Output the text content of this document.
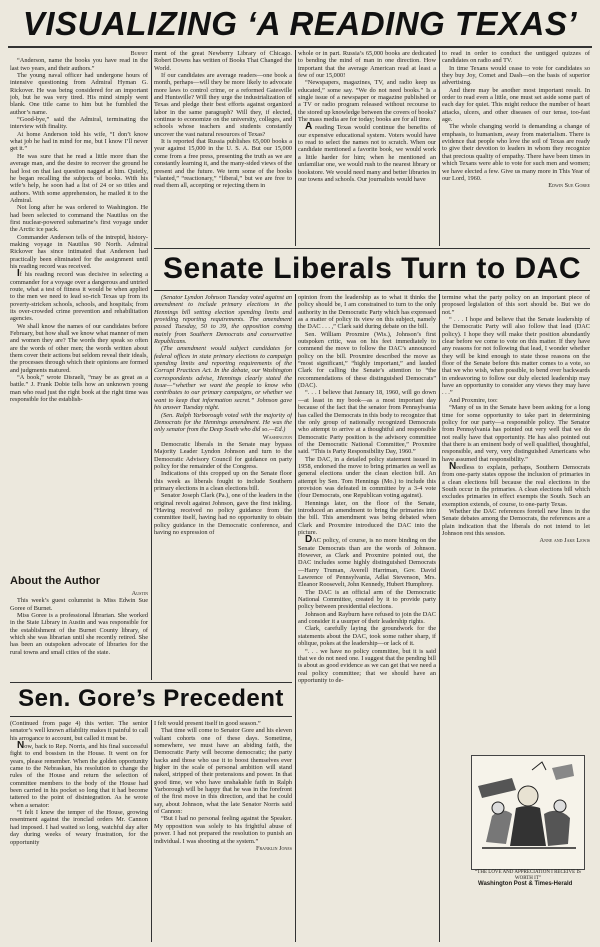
VISUALIZING ‘A READING TEXAS’

Burnet

“Anderson, name the books you have read in the last two years, and their authors.”

The young naval officer had undergone hours of intensive questioning from Admiral Hyman G. Rickover. He was being considered for an important job, but he was very tired. His mind simply went blank. One title came to him but he fumbled the author’s name.

“Good-bye,” said the Admiral, terminating the interview with finality.

At home Anderson told his wife, “I don’t know what job he had in mind for me, but I know I’ll never get it.”

He was sure that he read a little more than the average man, and the desire to recover the ground he had lost on that last question nagged at him. Quietly, he began recalling the subjects of books. With his wife’s help, he soon had a list of 24 or so titles and authors. With some apprehension, he mailed it to the Admiral.

Not long after he was ordered to Washington. He had been selected to command the Nautilus on the first nuclear-powered submarine’s first voyage under the Arctic ice pack.

Commander Anderson tells of the intrepid, history-making voyage in Nautilus 90 North. Admiral Rickover has since intimated that Anderson had practically been eliminated for the assignment until his reading record was received.

If his reading record was decisive in selecting a commander for a voyage over a dangerous and untried route, what a test of fitness it would be when applied to the men we need to lead so-rich Texas up from its poverty-stricken schools, schools, and hospitals; from its over-crowded crime prevention and rehabilitation agencies.

We shall know the names of our candidates before February, but how shall we know what manner of men and women they are? The words they speak so often are the words of other men; the words written about them cover their actions but seldom reveal their ideals, the processes through which their opinions are formed and judgments matured.

“A book,” wrote Disraeli, “may be as great as a battle.” J. Frank Dobie tells how an unknown young man who read just the right book at the right time was responsible for the establish-

ment of the great Newberry Library of Chicago. Robert Downs has written of Books That Changed the World.

If our candidates are average readers—one book a month, perhaps—will they be more likely to advocate more laws to control crime, or a reformed Gatesville and Huntsville? Will they urge the industrialization of Texas and pledge their best efforts against organized labor in the same paragraph? Will they, if elected, continue to economize on the university, colleges, and schools whose teachers and students constantly uncover the vast natural resources of Texas?

It is reported that Russia publishes 65,000 books a year against 15,000 in the U. S. A. But our 15,000 come from a free press, presenting the truth as we are constantly learning it, and the many-sided views of the present and the future. We term some of the books “slanted,” “reactionary,” “liberal,” but we are free to read them all, accepting or rejecting them in

whole or in part. Russia’s 65,000 books are dedicated to bending the mind of man in one direction. How important that the average American read at least a few of our 15,000!

“Newspapers, magazines, TV, and radio keep us educated,” some say. “We do not need books.” Is a single issue of a newspaper or magazine published or a TV or radio program released without recourse to the stored up knowledge between the covers of books? The mass media are for today; books are for all time.

A reading Texas would continue the benefits of our expensive educational system. Voters would have to read to select the names not to scratch. When our candidate mentioned a favorite book, we would work a little harder for him; when he mentioned an unfamiliar one, we would rush to the nearest library or bookstore. We would need many and better libraries in our towns and schools. Our journalists would have

to read in order to conduct the untigged quizzes of candidates on radio and TV.

In time Texans would cease to vote for candidates so they buy Joy, Comet and Dash—on the basis of superior advertising.

And there may be another most important result. In order to read even a little, one must set aside some part of each day for quiet. This might reduce the number of heart attacks, ulcers, and other diseases of our tense, too-fast age.

The whole changing world is demanding a change of emphasis, to humanism, away from materialism. There is evidence that people who love the soil of Texas are ready to give their devotion to leaders in whom they recognize that precious quality of empathy. There have been times in which Texans were able to vote for such men and women; we have elected a few. Give us many more in This Year of our Lord, 1960.

Edwin Sue Goree

About the Author

Austin

This week’s guest columnist is Miss Edwin Sue Goree of Burnet.

Miss Goree is a professional librarian. She worked in the State Library in Austin and was responsible for the establishment of the Burnet County library, of which she was librarian until she recently retired. She has been an outspoken advocate of libraries for the rural towns and small cities of the state.

Senate Liberals Turn to DAC

(Senator Lyndon Johnson Tuesday voted against an amendment to include primary elections in the Hennings bill setting election spending limits and providing reporting requirements. The amendment passed Tuesday, 50 to 39, the opposition coming mainly from Southern Democrats and conservative Republicans.

(The amendment would subject candidates for federal offices in state primary elections to campaign spending limits and reporting requirements of the Corrupt Practices Act. In the debate, our Washington correspondents advise, Hennings clearly stated the issue—“whether we want the people to know who contributes to our primary campaigns, or whether we want to keep that information secret.” Johnson gave his answer Tuesday night.

(Sen. Ralph Yarborough voted with the majority of Democrats for the Hennings amendment. He was the only senator from the Deep South who did so.—Ed.)

Washington

Democratic liberals in the Senate may bypass Majority Leader Lyndon Johnson and turn to the Democratic Advisory Council for guidance on party policy for the remainder of the Congress.

Indications of this cropped up on the Senate floor this week as liberals fought to include Southern primary elections in a clean elections bill.

Senator Joseph Clark (Pa.), one of the leaders in the original revolt against Johnson, gave the first inkling. “Having received no policy guidance from the committee itself, having had no opportunity to obtain policy guidance in the Democratic conference, and having no expression of

opinion from the leadership as to what it thinks the policy should be, I am constrained to turn to the only authority in the Democratic Party which has expressed as a matter of policy its view on this subject, namely the DAC . . . ,” Clark said during debate on the bill.

Sen. William Proxmire (Wis.), Johnson’s first outspoken critic, was on his feet immediately to commend the move to follow the DAC’s announced policy on the bill. Proxmire described the move as “most significant,” “highly important,” and lauded Clark for calling the Senate’s attention to “the recommendations of these distinguished Democrats” (DAC).

“. . . I believe that January 18, 1960, will go down—at least in my book—as a most important day because of the fact that the senator from Pennsylvania has called the Democrats in this body to recognize that the only group of nationally recognized Democrats who attempt to arrive at a thoughtful and responsible Democratic Party position is the advisory committee of the Democratic National Committee,” Proxmire said. “This is Party Responsibility Day, 1960.”

The DAC, in a detailed policy statement issued in 1958, endorsed the move to bring primaries as well as general elections under the clean election bill. An attempt by Sen. Tom Hennings (Mo.) to include this provision was defeated in committee by a 3-4 vote (four Democrats, one Republican voting against).

Hennings later, on the floor of the Senate, introduced an amendment to bring the primaries into the bill. This amendment was being debated when Clark and Proxmire introduced the DAC into the picture.

DAC policy, of course, is no more binding on the Senate Democrats than are the words of Johnson. However, as Clark and Proxmire pointed out, the DAC includes some highly distinguished Democrats—Harry Truman, Averell Harriman, Gov. David Lawrence of Pennsylvania, Adlai Stevenson, Mrs. Eleanor Roosevelt, John Kennedy, Hubert Humphrey.

The DAC is an official arm of the Democratic National Committee, created by it to provide party policy between presidential elections.

Johnson and Rayburn have refused to join the DAC and consider it a usurper of their leadership rights.

Clark, carefully laying the groundwork for the statements about the DAC, took some rather sharp, if oblique, pokes at the leadership—or lack of it.

“. . . we have no policy committee, but it is said that we do not need one. I suggest that the pending bill is about as good evidence as we can get that we need a real policy committee; that we should have an opportunity to de-

termine what the party policy on an important piece of proposed legislation of this sort should be. But we do not.”

“ . . . I hope and believe that the Senate leadership of the Democratic Party will also follow that lead (DAC policy). I hope they will make their position abundantly clear before we come to vote on this matter. If they have any reasons for not following that lead, I wonder whether they will be kind enough to state those reasons on the floor of the Senate before this matter comes to a vote, so that we who wish, when possible, to bend over backwards in endeavoring to follow our duly elected leadership may have an opportunity to consider any views they may have . . .”

And Proxmire, too:

“Many of us in the Senate have been asking for a long time for some opportunity to take part in determining policy for our party—a responsible policy. The Senator from Pennsylvania has pointed out very well that we do not really have that opportunity. He has also pointed out that there is an eminent body of well qualified, thoughtful, responsible, and very, very distinguished Americans who have assumed that responsibility.”

Needless to explain, perhaps, Southern Democrats from one-party states oppose the inclusion of primaries in a clean elections bill because the real elections in the South occur in the primaries. A clean elections bill which excludes primaries in effect exempts the South. Such an exemption extends, of course, to one-party Texas.

Whether the DAC references foretell new lines in the Senate debates among the Democrats, the references are a plain indication that the liberals do not intend to let Johnson rest this session.

Anne and Jake Lewis

Sen. Gore’s Precedent

(Continued from page 4) this writer. The senior senator’s well known affability makes it painful to call his arrogance to account, but called it must be.

Now, back to Rep. Norris, and his final successful fight to end bossism in the House. It went on for years, please remember. When the golden opportunity came to the Nebraskan, his resolution to change the rules of the House and return the selection of committee members to the body of the House had been carried in his pocket so long that it had become tattered to the point of disintegration. As he wrote when a senator:

“I felt I knew the temper of the House, growing resentment against the ironclad orders Mr. Cannon had imposed. I had waited so long, watchful day after day during weeks of weary frustration, for the opportunity

I felt would present itself in good season.”

That time will come to Senator Gore and his eleven valiant cohorts one of these days. Sometime, somewhere, we must have an abiding faith, the Democratic Party will become democratic; the party hacks and those who use it to boost themselves ever higher in the scale of personal ambition will stand naked, stripped of their pretensions and power. In that good time, we who have unshakable faith in Ralph Yarborough will be happy that he was in the forefront of the first move in this direction, and that he could say, about Johnson, what the late Senator Norris said of Cannon:

“But I had no personal feeling against the Speaker. My opposition was solely to his frightful abuse of power. I had not prepared the resolution to punish an individual. I was shooting at the system.”

Franklin Jones

“THE LOVE AND APPRECIATION I RECEIVE IS WORTH IT”
Washington Post & Times-Herald
